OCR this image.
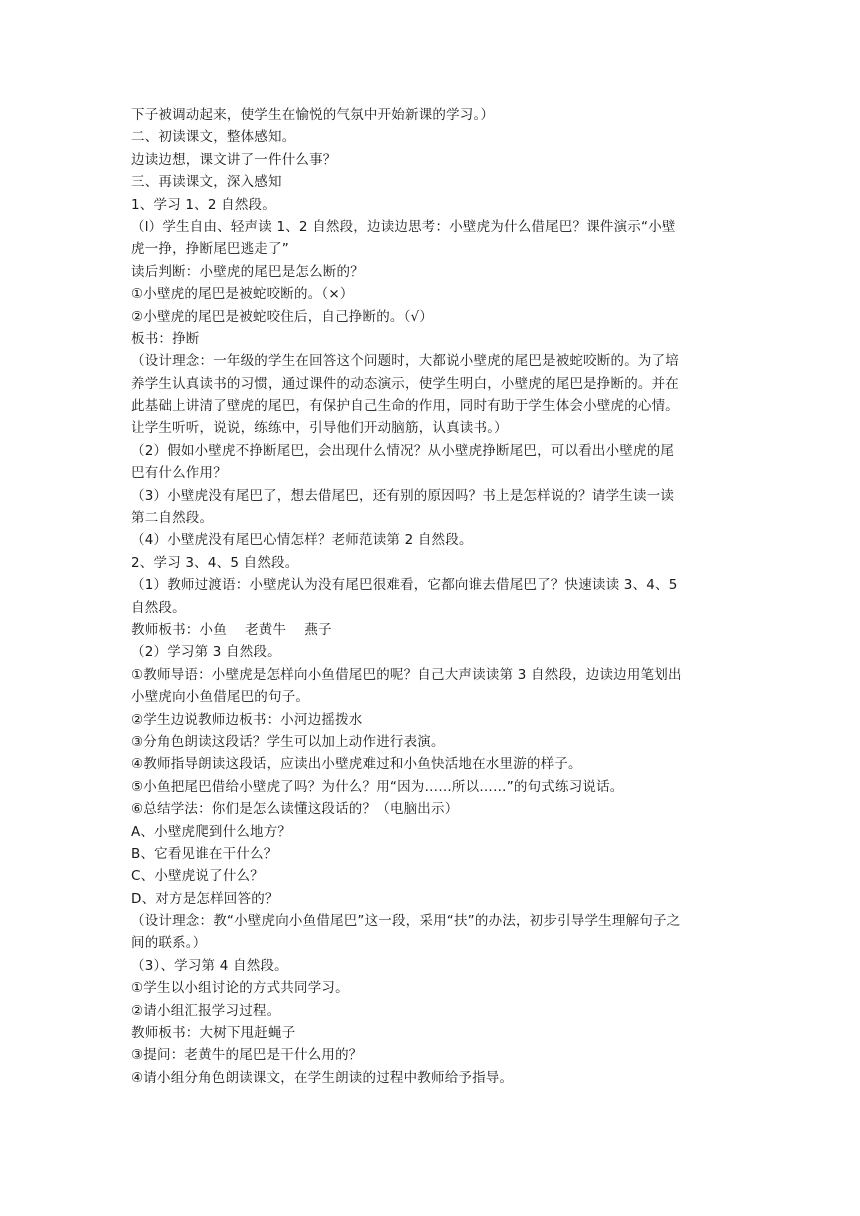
下子被调动起来，使学生在愉悦的气氛中开始新课的学习。）
二、初读课文，整体感知。
边读边想，课文讲了一件什么事？
三、再读课文，深入感知
1、学习 1、2 自然段。
（l）学生自由、轻声读 1、2 自然段，边读边思考：小壁虎为什么借尾巴？课件演示“小壁
虎一挣，挣断尾巴逃走了”
读后判断：小壁虎的尾巴是怎么断的？
①小壁虎的尾巴是被蛇咬断的。（×）
②小壁虎的尾巴是被蛇咬住后，自己挣断的。（√）
板书：挣断
（设计理念：一年级的学生在回答这个问题时，大都说小壁虎的尾巴是被蛇咬断的。为了培
养学生认真读书的习惯，通过课件的动态演示，使学生明白，小壁虎的尾巴是挣断的。并在
此基础上讲清了壁虎的尾巴，有保护自己生命的作用，同时有助于学生体会小壁虎的心情。
让学生听听，说说，练练中，引导他们开动脑筋，认真读书。）
（2）假如小壁虎不挣断尾巴，会出现什么情况？从小壁虎挣断尾巴，可以看出小壁虎的尾
巴有什么作用？
（3）小壁虎没有尾巴了，想去借尾巴，还有别的原因吗？书上是怎样说的？请学生读一读
第二自然段。
（4）小壁虎没有尾巴心情怎样？老师范读第 2 自然段。
2、学习 3、4、5 自然段。
（1）教师过渡语：小壁虎认为没有尾巴很难看，它都向谁去借尾巴了？快速读读 3、4、5
自然段。
教师板书：小鱼　 老黄牛　 燕子
（2）学习第 3 自然段。
①教师导语：小壁虎是怎样向小鱼借尾巴的呢？自己大声读读第 3 自然段，边读边用笔划出
小壁虎向小鱼借尾巴的句子。
②学生边说教师边板书：小河边摇拨水
③分角色朗读这段话？学生可以加上动作进行表演。
④教师指导朗读这段话，应读出小壁虎难过和小鱼快活地在水里游的样子。
⑤小鱼把尾巴借给小壁虎了吗？为什么？用“因为……所以……”的句式练习说话。
⑥总结学法：你们是怎么读懂这段话的？（电脑出示）
A、小壁虎爬到什么地方？
B、它看见谁在干什么？
C、小壁虎说了什么？
D、对方是怎样回答的？
（设计理念：教“小壁虎向小鱼借尾巴”这一段，采用“扶”的办法，初步引导学生理解句子之
间的联系。）
（3）、学习第 4 自然段。
①学生以小组讨论的方式共同学习。
②请小组汇报学习过程。
教师板书：大树下甩赶蝇子
③提问：老黄牛的尾巴是干什么用的？
④请小组分角色朗读课文，在学生朗读的过程中教师给予指导。
